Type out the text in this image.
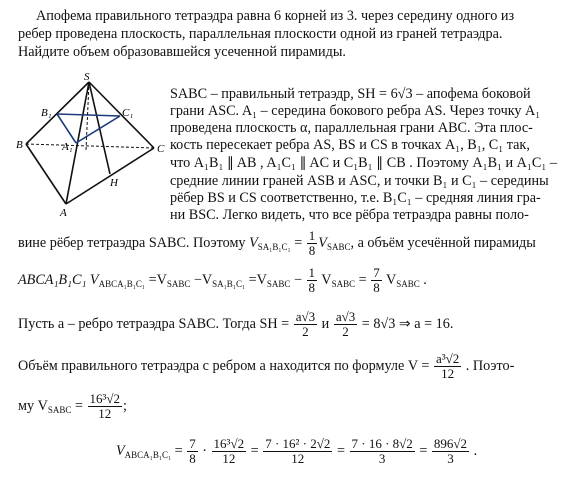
Апофема правильного тетраэдра равна 6 корней из 3. через середину одного из
ребер проведена плоскость, параллельная плоскости одной из граней тетраэдра.
Найдите объем образовавшейся усеченной пирамиды.
S
B₁	C₁
A₁
B	C
H
A
SABC – правильный тетраэдр, SH = 6√3 – апофема боковой
грани ASC. A₁ – середина бокового ребра AS. Через точку A₁
проведена плоскость α, параллельная грани ABC. Эта плос-
кость пересекает ребра AS, BS и CS в точках A₁, B₁, C₁ так,
что A₁B₁ ∥ AB , A₁C₁ ∥ AC и C₁B₁ ∥ CB . Поэтому A₁B₁ и A₁C₁ –
средние линии граней ASB и ASC, и точки B₁ и C₁ – середины
рёбер BS и CS соответственно, т.е. B₁C₁ – средняя линия гра-
ни BSC. Легко видеть, что все рёбра тетраэдра равны поло-
вине рёбер тетраэдра SABC. Поэтому $V_{SA_1B_1C_1} = \frac{1}{8} V_{SABC}$, а объём усечённой пирамиды
ABCA₁B₁C₁ $V_{ABCA_1B_1C_1} =V_{SABC} -V_{SA_1B_1C_1} =V_{SABC} - \frac{1}{8} V_{SABC} = \frac{7}{8} V_{SABC}$ .
Пусть a – ребро тетраэдра SABC. Тогда SH = $\frac{a√3}{2}$ и $\frac{a√3}{2} = 8√3$ ⇒ a = 16.
Объём правильного тетраэдра с ребром a находится по формуле $V = \frac{\text{a³√2}}{12}$ . Поэто-
му $V_{SABC} = \frac{\text{16³√2}}{12}$ ;
$V_{ABCA_1B_1C_1} = \frac{7}{8} \cdot \frac{\text{16³√2}}{12} = \frac{\text{7 · 16² · 2√2}}{12} = \frac{7 \cdot 16 \cdot 8√2}{3} = \frac{896√2}{3}$ .
